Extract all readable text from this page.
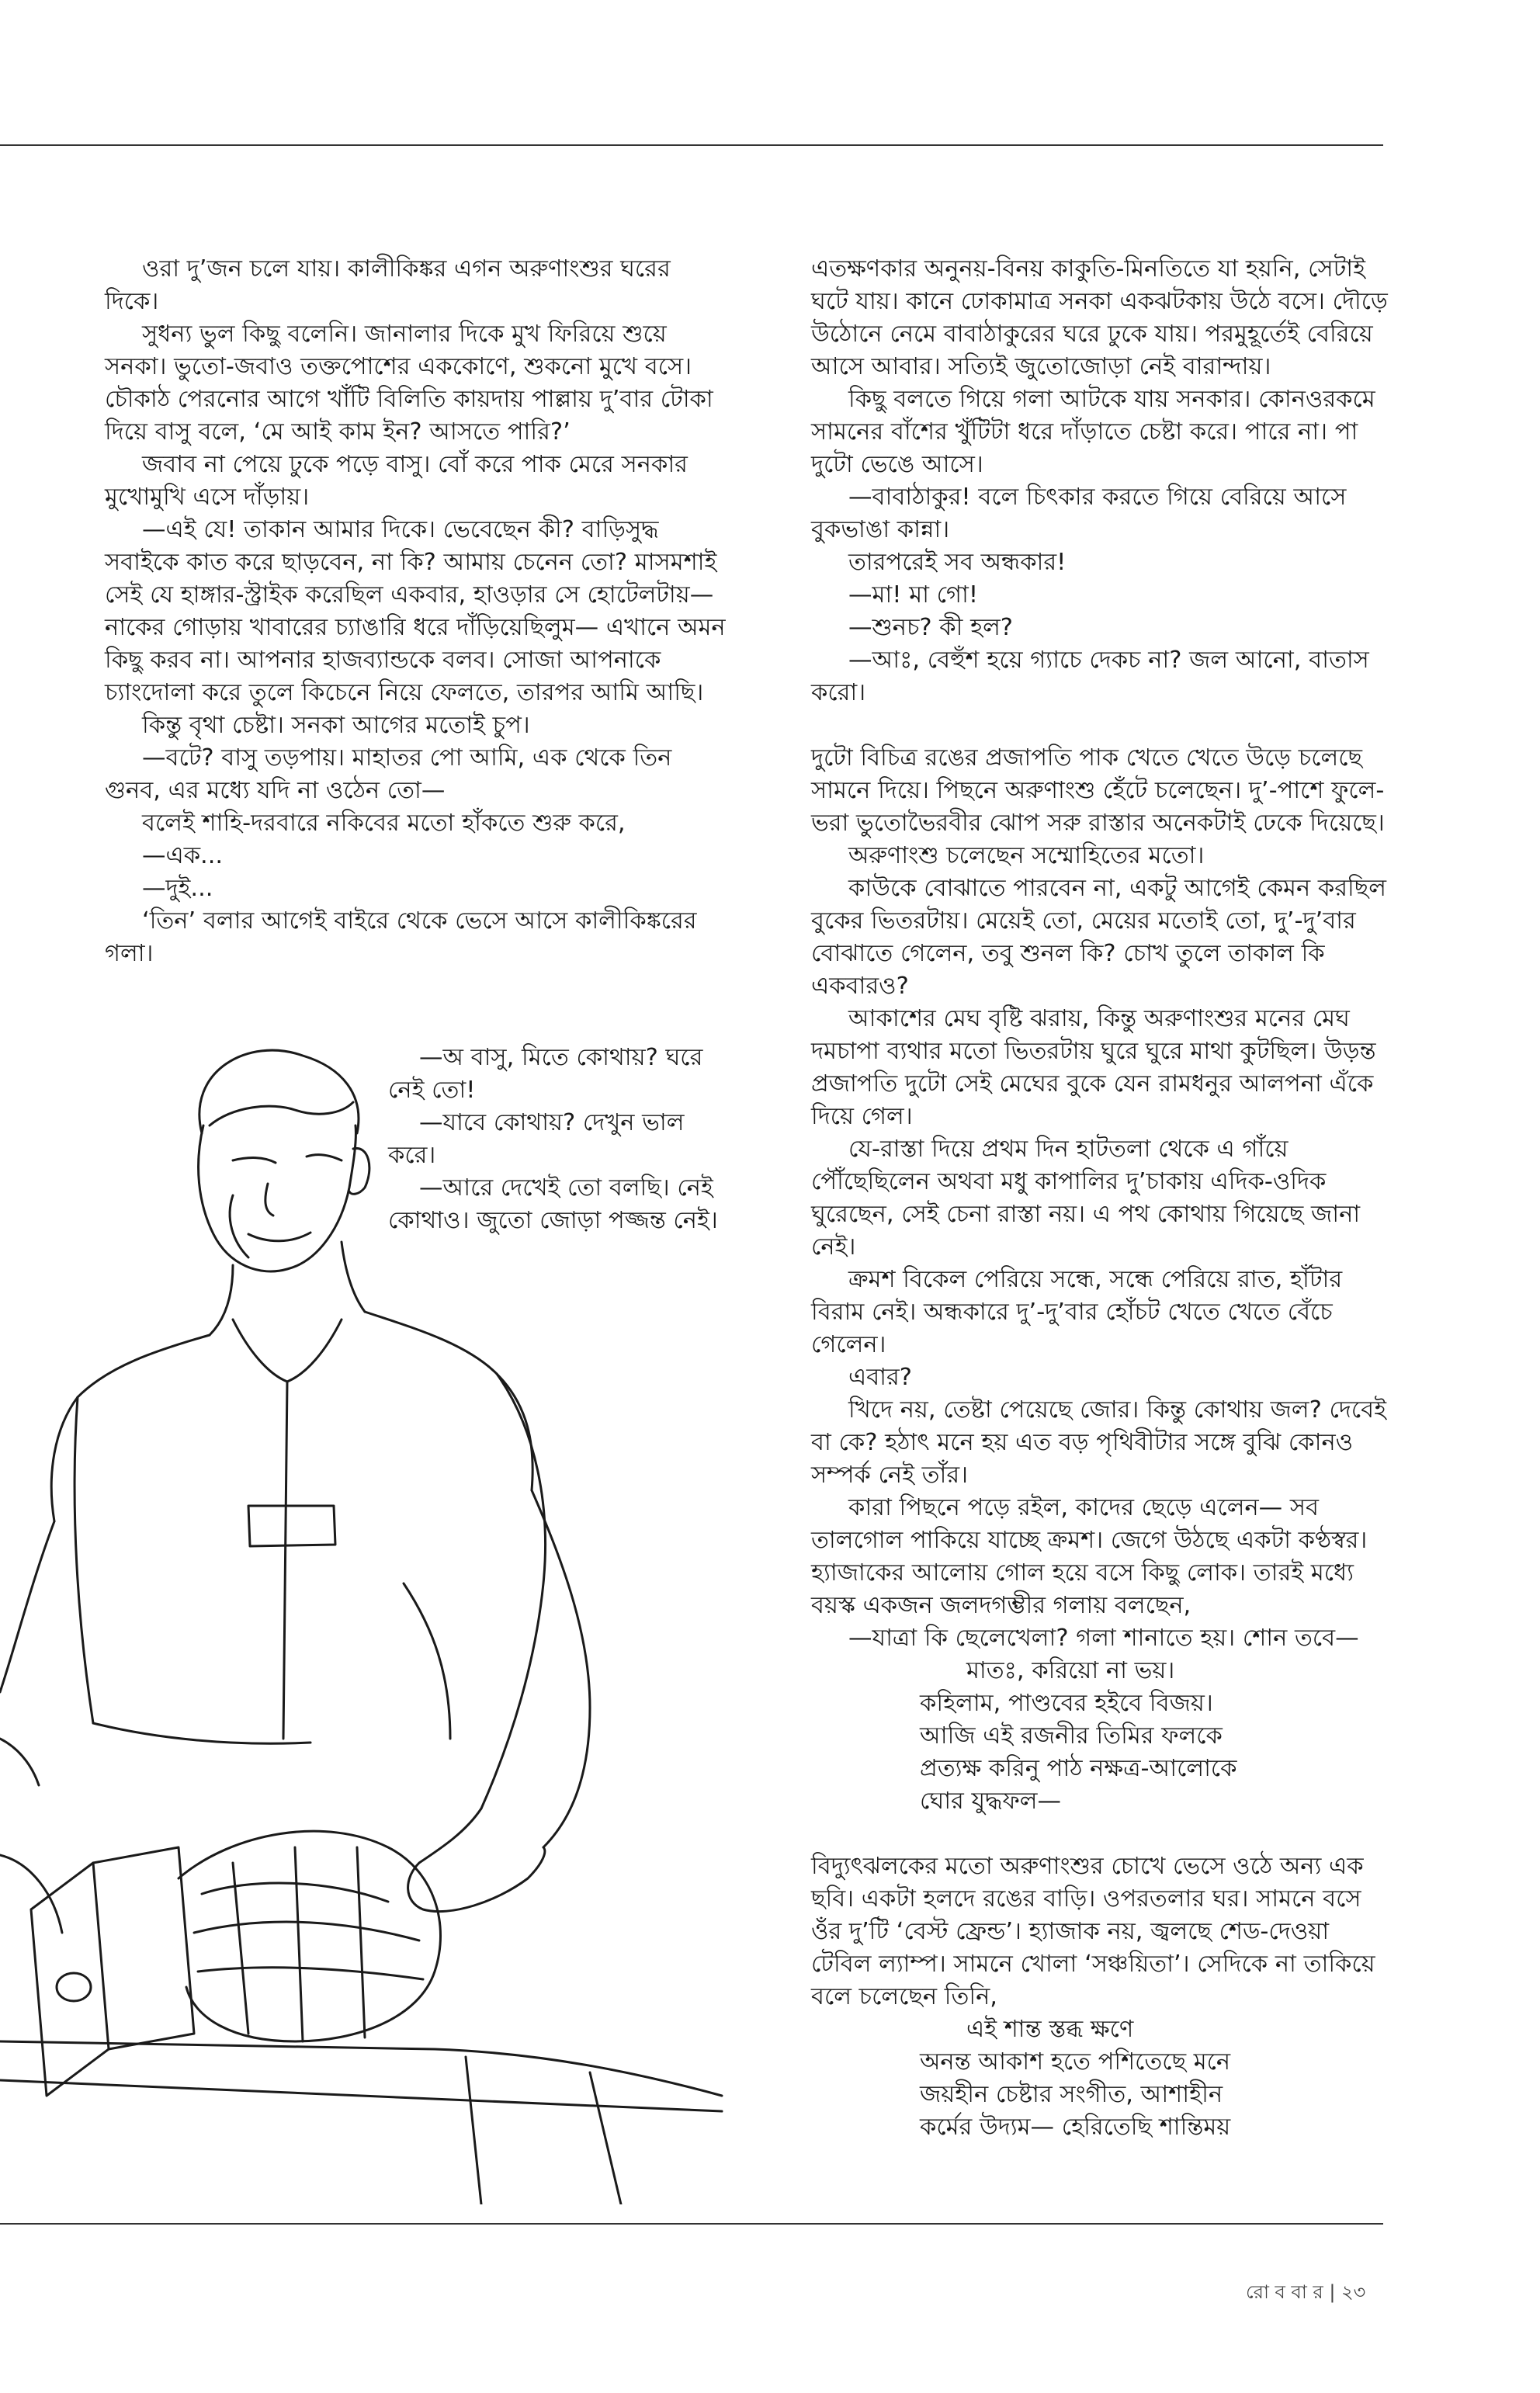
ওরা দু’জন চলে যায়। কালীকিঙ্কর এগন অরুণাংশুর ঘরের দিকে।

সুধন্য ভুল কিছু বলেনি। জানালার দিকে মুখ ফিরিয়ে শুয়ে সনকা। ভুতো-জবাও তক্তপোশের এককোণে, শুকনো মুখে বসে। চৌকাঠ পেরনোর আগে খাঁটি বিলিতি কায়দায় পাল্লায় দু’বার টোকা দিয়ে বাসু বলে, ‘মে আই কাম ইন? আসতে পারি?’

জবাব না পেয়ে ঢুকে পড়ে বাসু। বোঁ করে পাক মেরে সনকার মুখোমুখি এসে দাঁড়ায়।

—এই যে! তাকান আমার দিকে। ভেবেছেন কী? বাড়িসুদ্ধ সবাইকে কাত করে ছাড়বেন, না কি? আমায় চেনেন তো? মাসমশাই সেই যে হাঙ্গার-স্ট্রাইক করেছিল একবার, হাওড়ার সে হোটেলটায়— নাকের গোড়ায় খাবারের চ্যাঙারি ধরে দাঁড়িয়েছিলুম— এখানে অমন কিছু করব না। আপনার হাজব্যান্ডকে বলব। সোজা আপনাকে চ্যাংদোলা করে তুলে কিচেনে নিয়ে ফেলতে, তারপর আমি আছি।

কিন্তু বৃথা চেষ্টা। সনকা আগের মতোই চুপ।

—বটে? বাসু তড়পায়। মাহাতর পো আমি, এক থেকে তিন গুনব, এর মধ্যে যদি না ওঠেন তো—

বলেই শাহি-দরবারে নকিবের মতো হাঁকতে শুরু করে,

—এক...

—দুই...

‘তিন’ বলার আগেই বাইরে থেকে ভেসে আসে কালীকিঙ্করের গলা।

—অ বাসু, মিতে কোথায়? ঘরে নেই তো!

—যাবে কোথায়? দেখুন ভাল করে।

—আরে দেখেই তো বলছি। নেই কোথাও। জুতো জোড়া পজ্জন্ত নেই।

এতক্ষণকার অনুনয়-বিনয় কাকুতি-মিনতিতে যা হয়নি, সেটাই ঘটে যায়। কানে ঢোকামাত্র সনকা একঝটকায় উঠে বসে। দৌড়ে উঠোনে নেমে বাবাঠাকুরের ঘরে ঢুকে যায়। পরমুহূর্তেই বেরিয়ে আসে আবার। সত্যিই জুতোজোড়া নেই বারান্দায়।

কিছু বলতে গিয়ে গলা আটকে যায় সনকার। কোনওরকমে সামনের বাঁশের খুঁটিটা ধরে দাঁড়াতে চেষ্টা করে। পারে না। পা দুটো ভেঙে আসে।

—বাবাঠাকুর! বলে চিৎকার করতে গিয়ে বেরিয়ে আসে বুকভাঙা কান্না।

তারপরেই সব অন্ধকার!

—মা! মা গো!

—শুনচ? কী হল?

—আঃ, বেহুঁশ হয়ে গ্যাচে দেকচ না? জল আনো, বাতাস করো।

দুটো বিচিত্র রঙের প্রজাপতি পাক খেতে খেতে উড়ে চলেছে সামনে দিয়ে। পিছনে অরুণাংশু হেঁটে চলেছেন। দু’-পাশে ফুলে-ভরা ভুতোভৈরবীর ঝোপ সরু রাস্তার অনেকটাই ঢেকে দিয়েছে।

অরুণাংশু চলেছেন সম্মোহিতের মতো।

কাউকে বোঝাতে পারবেন না, একটু আগেই কেমন করছিল বুকের ভিতরটায়। মেয়েই তো, মেয়ের মতোই তো, দু’-দু’বার বোঝাতে গেলেন, তবু শুনল কি? চোখ তুলে তাকাল কি একবারও?

আকাশের মেঘ বৃষ্টি ঝরায়, কিন্তু অরুণাংশুর মনের মেঘ দমচাপা ব্যথার মতো ভিতরটায় ঘুরে ঘুরে মাথা কুটছিল। উড়ন্ত প্রজাপতি দুটো সেই মেঘের বুকে যেন রামধনুর আলপনা এঁকে দিয়ে গেল।

যে-রাস্তা দিয়ে প্রথম দিন হাটতলা থেকে এ গাঁয়ে পৌঁছেছিলেন অথবা মধু কাপালির দু’চাকায় এদিক-ওদিক ঘুরেছেন, সেই চেনা রাস্তা নয়। এ পথ কোথায় গিয়েছে জানা নেই।

ক্রমশ বিকেল পেরিয়ে সন্ধে, সন্ধে পেরিয়ে রাত, হাঁটার বিরাম নেই। অন্ধকারে দু’-দু’বার হোঁচট খেতে খেতে বেঁচে গেলেন।

এবার?

খিদে নয়, তেষ্টা পেয়েছে জোর। কিন্তু কোথায় জল? দেবেই বা কে? হঠাৎ মনে হয় এত বড় পৃথিবীটার সঙ্গে বুঝি কোনও সম্পর্ক নেই তাঁর।

কারা পিছনে পড়ে রইল, কাদের ছেড়ে এলেন— সব তালগোল পাকিয়ে যাচ্ছে ক্রমশ। জেগে উঠছে একটা কণ্ঠস্বর। হ্যাজাকের আলোয় গোল হয়ে বসে কিছু লোক। তারই মধ্যে বয়স্ক একজন জলদগম্ভীর গলায় বলছেন,

—যাত্রা কি ছেলেখেলা? গলা শানাতে হয়। শোন তবে—

মাতঃ, করিয়ো না ভয়।

কহিলাম, পাণ্ডবের হইবে বিজয়।

আজি এই রজনীর তিমির ফলকে

প্রত্যক্ষ করিনু পাঠ নক্ষত্র-আলোকে

ঘোর যুদ্ধফল—

বিদ্যুৎঝলকের মতো অরুণাংশুর চোখে ভেসে ওঠে অন্য এক ছবি। একটা হলদে রঙের বাড়ি। ওপরতলার ঘর। সামনে বসে ওঁর দু’টি ‘বেস্ট ফ্রেন্ড’। হ্যাজাক নয়, জ্বলছে শেড-দেওয়া টেবিল ল্যাম্প। সামনে খোলা ‘সঞ্চয়িতা’। সেদিকে না তাকিয়ে বলে চলেছেন তিনি,

এই শান্ত স্তব্ধ ক্ষণে

অনন্ত আকাশ হতে পশিতেছে মনে

জয়হীন চেষ্টার সংগীত, আশাহীন

কর্মের উদ্যম— হেরিতেছি শান্তিময়

রো ব বা র | ২৩
